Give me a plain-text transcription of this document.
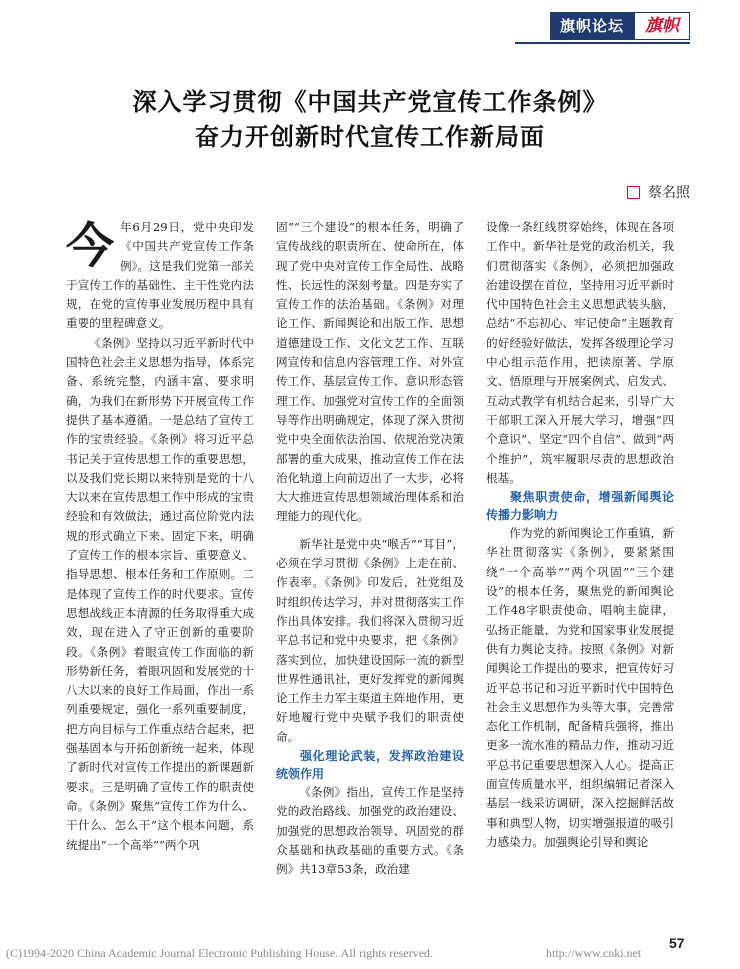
旗帜论坛	旗帜
深入学习贯彻《中国共产党宣传工作条例》
奋力开创新时代宣传工作新局面
蔡名照

今年6月29日，党中央印发《中国共产党宣传工作条例》。这是我们党第一部关于宣传工作的基础性、主干性党内法规，在党的宣传事业发展历程中具有重要的里程碑意义。

《条例》坚持以习近平新时代中国特色社会主义思想为指导，体系完备、系统完整，内涵丰富、要求明确，为我们在新形势下开展宣传工作提供了基本遵循。一是总结了宣传工作的宝贵经验。《条例》将习近平总书记关于宣传思想工作的重要思想，以及我们党长期以来特别是党的十八大以来在宣传思想工作中形成的宝贵经验和有效做法，通过高位阶党内法规的形式确立下来、固定下来，明确了宣传工作的根本宗旨、重要意义、指导思想、根本任务和工作原则。二是体现了宣传工作的时代要求。宣传思想战线正本清源的任务取得重大成效，现在进入了守正创新的重要阶段。《条例》着眼宣传工作面临的新形势新任务，着眼巩固和发展党的十八大以来的良好工作局面，作出一系列重要规定，强化一系列重要制度，把方向目标与工作重点结合起来，把强基固本与开拓创新统一起来，体现了新时代对宣传工作提出的新课题新要求。三是明确了宣传工作的职责使命。《条例》聚焦“宣传工作为什么、干什么、怎么干”这个根本问题，系统提出“一个高举”“两个巩

固”“三个建设”的根本任务，明确了宣传战线的职责所在、使命所在，体现了党中央对宣传工作全局性、战略性、长远性的深刻考量。四是夯实了宣传工作的法治基础。《条例》对理论工作、新闻舆论和出版工作、思想道德建设工作、文化文艺工作、互联网宣传和信息内容管理工作、对外宣传工作、基层宣传工作、意识形态管理工作、加强党对宣传工作的全面领导等作出明确规定，体现了深入贯彻党中央全面依法治国、依规治党决策部署的重大成果，推动宣传工作在法治化轨道上向前迈出了一大步，必将大大推进宣传思想领域治理体系和治理能力的现代化。

新华社是党中央“喉舌”“耳目”，必须在学习贯彻《条例》上走在前、作表率。《条例》印发后，社党组及时组织传达学习，并对贯彻落实工作作出具体安排。我们将深入贯彻习近平总书记和党中央要求，把《条例》落实到位，加快建设国际一流的新型世界性通讯社，更好发挥党的新闻舆论工作主力军主渠道主阵地作用，更好地履行党中央赋予我们的职责使命。

强化理论武装，发挥政治建设统领作用

《条例》指出，宣传工作是坚持党的政治路线、加强党的政治建设、加强党的思想政治领导、巩固党的群众基础和执政基础的重要方式。《条例》共13章53条，政治建

设像一条红线贯穿始终，体现在各项工作中。新华社是党的政治机关，我们贯彻落实《条例》，必须把加强政治建设摆在首位，坚持用习近平新时代中国特色社会主义思想武装头脑，总结“不忘初心、牢记使命”主题教育的好经验好做法，发挥各级理论学习中心组示范作用，把读原著、学原文、悟原理与开展案例式、启发式、互动式教学有机结合起来，引导广大干部职工深入开展大学习，增强“四个意识”、坚定“四个自信”、做到“两个维护”，筑牢履职尽责的思想政治根基。

聚焦职责使命，增强新闻舆论传播力影响力

作为党的新闻舆论工作重镇，新华社贯彻落实《条例》，要紧紧围绕“一个高举”“两个巩固”“三个建设”的根本任务，聚焦党的新闻舆论工作48字职责使命，唱响主旋律，弘扬正能量，为党和国家事业发展提供有力舆论支持。按照《条例》对新闻舆论工作提出的要求，把宣传好习近平总书记和习近平新时代中国特色社会主义思想作为头等大事，完善常态化工作机制，配备精兵强将，推出更多一流水准的精品力作，推动习近平总书记重要思想深入人心。提高正面宣传质量水平，组织编辑记者深入基层一线采访调研，深入挖掘鲜活故事和典型人物，切实增强报道的吸引力感染力。加强舆论引导和舆论

57
(C)1994-2020 China Academic Journal Electronic Publishing House. All rights reserved.	http://www.cnki.net
